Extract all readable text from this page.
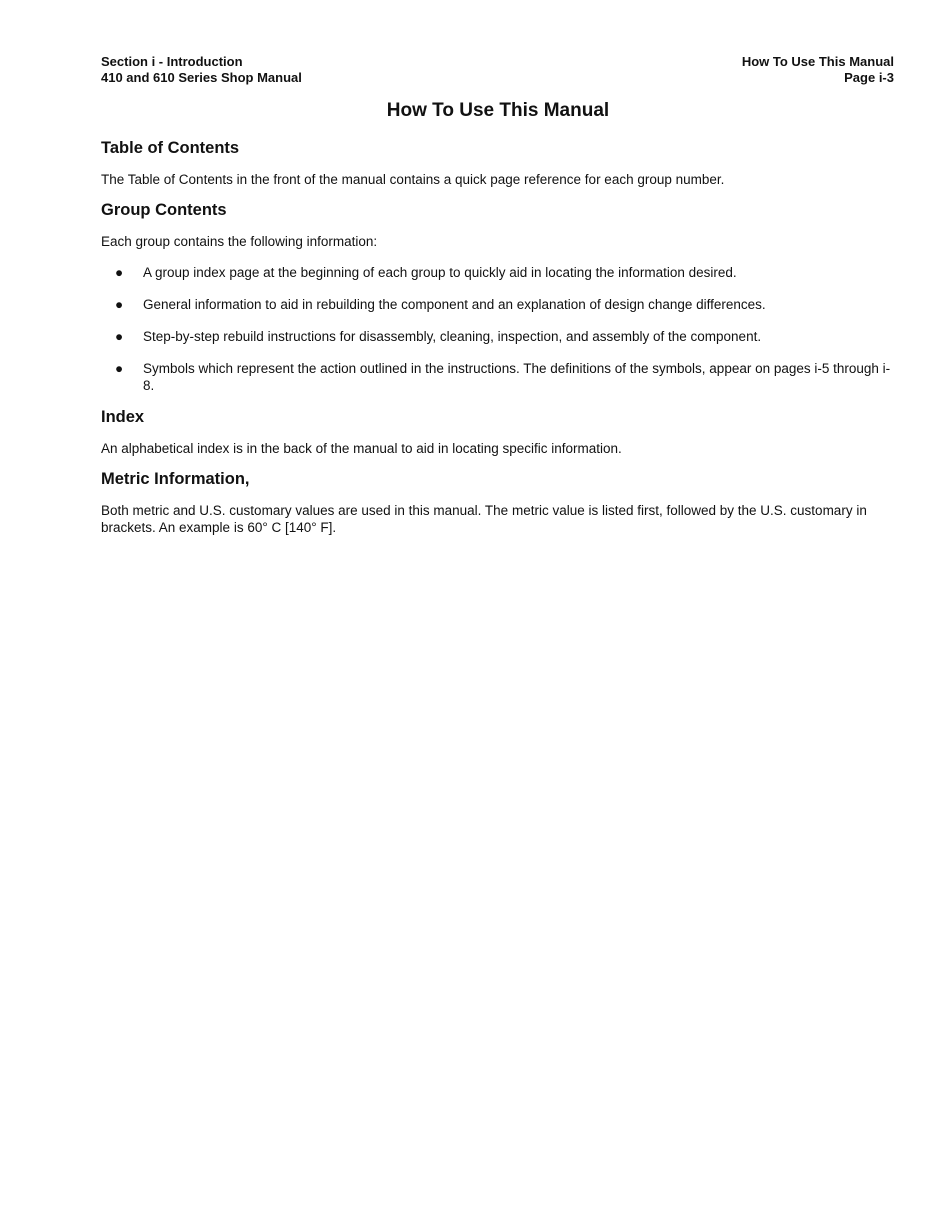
Section i - Introduction
410 and 610 Series Shop Manual
How To Use This Manual
Page i-3
How To Use This Manual
Table of Contents

The Table of Contents in the front of the manual contains a quick page reference for each group number.

Group Contents

Each group contains the following information:

● A group index page at the beginning of each group to quickly aid in locating the information desired.
● General information to aid in rebuilding the component and an explanation of design change differences.
● Step-by-step rebuild instructions for disassembly, cleaning, inspection, and assembly of the component.
● Symbols which represent the action outlined in the instructions. The definitions of the symbols, appear on pages i-5 through i-8.
Index

An alphabetical index is in the back of the manual to aid in locating specific information.

Metric Information,

Both metric and U.S. customary values are used in this manual. The metric value is listed first, followed by the U.S. customary in brackets. An example is 60° C [140° F].
